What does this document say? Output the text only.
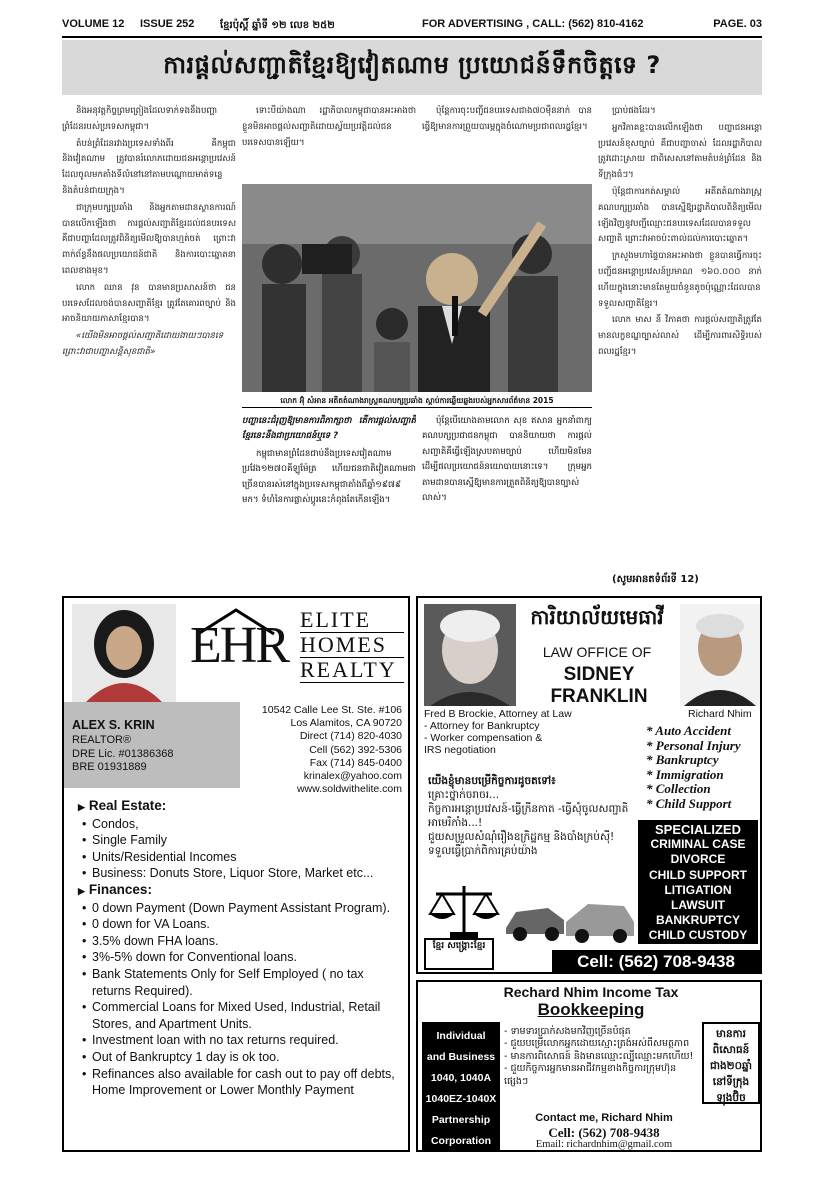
VOLUME 12 ISSUE 252	ខ្មែរប៉ុស្ដិ៍ ឆ្នាំទី ១២ លេខ ២៥២	FOR ADVERTISING , CALL: (562) 810-4162	PAGE. 03
ការផ្ដល់សញ្ជាតិខ្មែរឱ្យវៀតណាម ប្រយោជន៍ទឹកចិត្តទេ ?

និងអនុវត្តកិច្ចព្រមព្រៀងដែលទាក់ទងនឹងបញ្ហាព្រំដែនរបស់ប្រទេសកម្ពុជា។

តំបន់ព្រំដែនរវាងប្រទេសទាំងពីរ គឺកម្ពុជា និងវៀតណាម ត្រូវបានរំលោភដោយជនអន្តោប្រវេសន៍ ដែលចូលមកតាំងទីលំនៅនៅតាមបណ្ដោយមាត់ទន្លេ និងតំបន់ជាយក្រុង។

ជាក្រុមបក្សប្រឆាំង និងអ្នកតាមដានស្ថានការណ៍ បានលើកឡើងថា ការផ្ដល់សញ្ជាតិខ្មែរដល់ជនបរទេស គឺជាបញ្ហាដែលត្រូវពិនិត្យមើលឱ្យបានហ្មត់ចត់ ព្រោះវាពាក់ព័ន្ធនឹងផលប្រយោជន៍ជាតិ និងការបោះឆ្នោតនាពេលខាងមុខ។

លោក ឈាន វុន បានមានប្រសាសន៍ថា ជនបរទេសដែលចង់បានសញ្ជាតិខ្មែរ ត្រូវតែគោរពច្បាប់ និងអាចនិយាយភាសាខ្មែរបាន។

«យើងមិនអាចផ្ដល់សញ្ជាតិដោយងាយៗបានទេ ព្រោះវាជាបញ្ហាសន្តិសុខជាតិ»

ទោះបីយ៉ាងណា រដ្ឋាភិបាលកម្ពុជាបានអះអាងថា ខ្លួនមិនអាចផ្ដល់សញ្ជាតិដោយស្វ័យប្រវត្តិដល់ជនបរទេសបានឡើយ។

ប៉ុន្តែការចុះបញ្ជីជនបរទេសជាង៧០ម៉ឺននាក់ បានធ្វើឱ្យមានការព្រួយបារម្ភក្នុងចំណោមប្រជាពលរដ្ឋខ្មែរ។

លោក អ៊ុំ សំអាន អតីតតំណាងរាស្ត្រគណបក្សប្រឆាំង ស្ដាប់ការឆ្លើយឆ្លងរបស់អ្នកសារព័ត៌មាន 2015

បញ្ហានេះជំរុញឱ្យមានការពិភាក្សាថា តើការផ្ដល់សញ្ជាតិខ្មែរនេះនឹងជាប្រយោជន៍ឬទេ ?

កម្ពុជាមានព្រំដែនជាប់នឹងប្រទេសវៀតណាមប្រវែង១២៧០គីឡូម៉ែត្រ ហើយជនជាតិវៀតណាមជាច្រើនបានរស់នៅក្នុងប្រទេសកម្ពុជាតាំងពីឆ្នាំ១៩៧៩ មក។ ទំហំនៃការផ្លាស់ប្ដូរនេះកំពុងតែកើនឡើង។

ប៉ុន្តែបើយោងតាមលោក សុខ ឥសាន អ្នកនាំពាក្យគណបក្សប្រជាជនកម្ពុជា បាននិយាយថា ការផ្ដល់សញ្ជាតិគឺធ្វើឡើងស្របតាមច្បាប់ ហើយមិនមែនដើម្បីផលប្រយោជន៍នយោបាយនោះទេ។ ក្រុមអ្នកតាមដានបានស្នើឱ្យមានការត្រួតពិនិត្យឱ្យបានច្បាស់លាស់។

ប្រាប់ផងដែរ។

អ្នកវិភាគខ្លះបានលើកឡើងថា បញ្ហាជនអន្តោប្រវេសន៍ខុសច្បាប់ គឺជាបញ្ហាចាស់ ដែលរដ្ឋាភិបាលត្រូវដោះស្រាយ ជាពិសេសនៅតាមតំបន់ព្រំដែន និងទីក្រុងធំៗ។

ប៉ុន្តែជាការកត់សម្គាល់ អតីតតំណាងរាស្ត្រគណបក្សប្រឆាំង បានស្នើឱ្យរដ្ឋាភិបាលពិនិត្យមើលឡើងវិញនូវបញ្ជីឈ្មោះជនបរទេសដែលបានទទួលសញ្ជាតិ ព្រោះវាអាចប៉ះពាល់ដល់ការបោះឆ្នោត។

ក្រសួងមហាផ្ទៃបានអះអាងថា ខ្លួនបានធ្វើការចុះបញ្ជីជនអន្តោប្រវេសន៍ប្រមាណ ១៦០.០០០ នាក់ ហើយក្នុងនោះមានតែមួយចំនួនតូចប៉ុណ្ណោះដែលបានទទួលសញ្ជាតិខ្មែរ។

លោក មាស នី វិភាគថា ការផ្ដល់សញ្ជាតិត្រូវតែមានលក្ខខណ្ឌច្បាស់លាស់ ដើម្បីការពារសិទ្ធិរបស់ពលរដ្ឋខ្មែរ។

(សូមអានតទំព័រទី 12)
EHR ELITE
HOMES
REALTY
ALEX S. KRIN
REALTOR®
DRE Lic. #01386368
BRE 01931889
10542 Calle Lee St. Ste. #106
Los Alamitos, CA 90720
Direct (714) 820-4030
Cell (562) 392-5306
Fax (714) 845-0400
krinalex@yahoo.com
www.soldwithelite.com
▶ Real Estate:
• Condos,
• Single Family
• Units/Residential Incomes
• Business: Donuts Store, Liquor Store, Market etc...
▶ Finances:
• 0 down Payment (Down Payment Assistant Program).
• 0 down for VA Loans.
• 3.5% down FHA loans.
• 3%-5% down for Conventional loans.
• Bank Statements Only for Self Employed ( no tax returns Required).
• Commercial Loans for Mixed Used, Industrial, Retail Stores, and Apartment Units.
• Investment loan with no tax returns required.
• Out of Bankruptcy 1 day is ok too.
• Refinances also available for cash out to pay off debts, Home Improvement or Lower Monthly Payment
ការិយាល័យមេធាវី
LAW OFFICE OF
SIDNEY FRANKLIN
Fred B Brockie, Attorney at Law
- Attorney for Bankruptcy
- Worker compensation &
IRS negotiation
Richard Nhim
* Auto Accident
* Personal Injury
* Bankruptcy
* Immigration
* Collection
* Child Support
យើងខ្ញុំមានបម្រើកិច្ចការដូចតទៅ៖
គ្រោះថ្នាក់ចរាចរ...
កិច្ចការអន្តោប្រវេសន៍-ធ្វើក្រីនកាត -ធ្វើសុំចូលសញ្ជាតិអាមេរិកាំង...!
ជួយសម្រួលសំណុំរឿងឧក្រិដ្ឋកម្ម និងបាំងក្រប់ស៊ី!
ទទួលធ្វើប្រាក់ពិការគ្រប់យ៉ាង
SPECIALIZED
CRIMINAL CASE
DIVORCE
CHILD SUPPORT
LITIGATION
LAWSUIT
BANKRUPTCY
CHILD CUSTODY
ខ្មែរ សង្គ្រោះខ្មែរ
Cell: (562) 708-9438
Rechard Nhim Income Tax
Bookkeeping
Individual
and Business
1040, 1040A
1040EZ-1040X
Partnership
Corporation
- ទាមទារប្រាក់សងមកវិញច្រើនបំផុត
- ជួយបម្រើលោកអ្នកដោយស្មោះត្រង់អស់ពីសមត្ថភាព
- មានការពិសោធន៍ និងមានឈ្មោះល្បីឈ្មោះមកហើយ!
- ជួយកិច្ចការអ្នកមានអាជីវកម្មខាងកិច្ចការក្រុមហ៊ុនផ្សេងៗ
មានការពិសោធន៍ ជាង២០ឆ្នាំ នៅទីក្រុង ឡុងប៊ិច
Contact me, Richard Nhim
Cell: (562) 708-9438
Email: richardnhim@gmail.com
